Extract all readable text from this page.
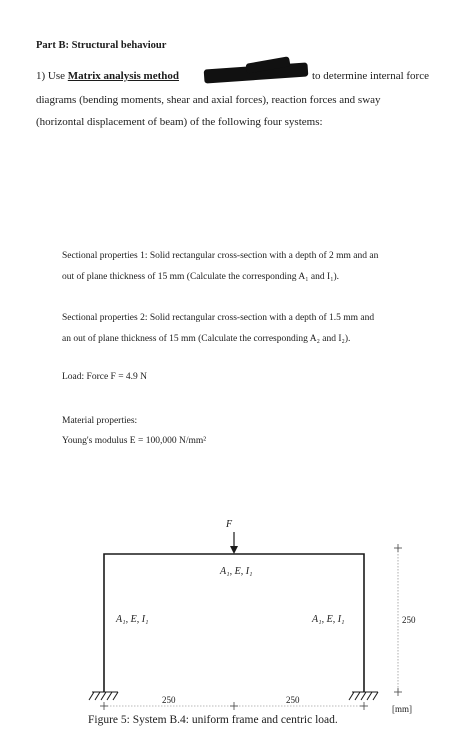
Part B: Structural behaviour
1) Use Matrix analysis method	to determine internal force
diagrams (bending moments, shear and axial forces), reaction forces and sway
(horizontal displacement of beam) of the following four systems:
Sectional properties 1: Solid rectangular cross-section with a depth of 2 mm and an
out of plane thickness of 15 mm (Calculate the corresponding A₁ and I₁).
Sectional properties 2: Solid rectangular cross-section with a depth of 1.5 mm and
an out of plane thickness of 15 mm (Calculate the corresponding A₂ and I₂).
Load: Force F = 4.9 N
Material properties:
Young's modulus E = 100,000 N/mm²
F
A₁, E, I₁
A₁, E, I₁	A₁, E, I₁	250
250	250
[mm]
Figure 5: System B.4: uniform frame and centric load.
